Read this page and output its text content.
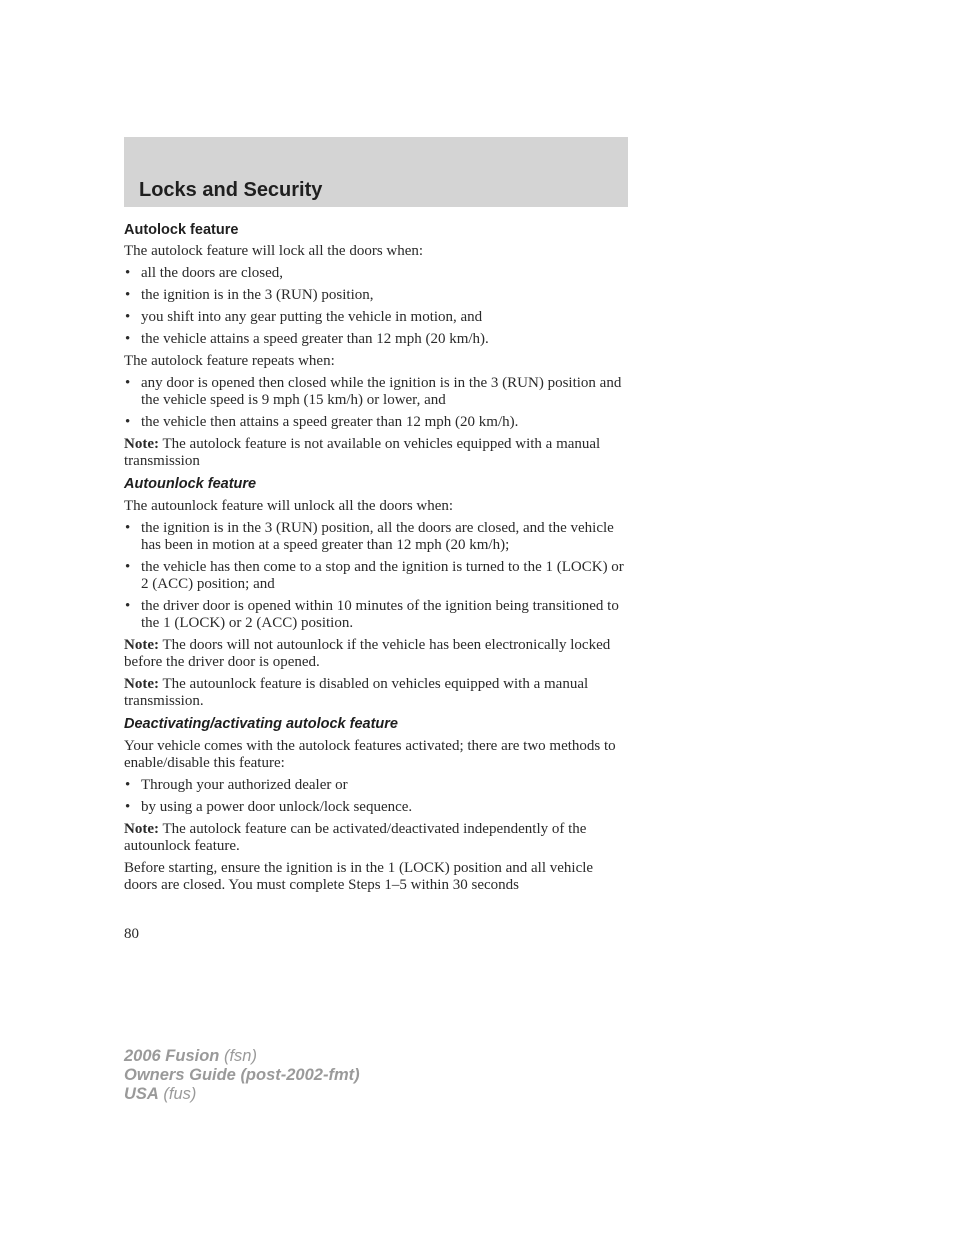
Locks and Security
Autolock feature
The autolock feature will lock all the doors when:
• all the doors are closed,
• the ignition is in the 3 (RUN) position,
• you shift into any gear putting the vehicle in motion, and
• the vehicle attains a speed greater than 12 mph (20 km/h).
The autolock feature repeats when:
• any door is opened then closed while the ignition is in the 3 (RUN) position and the vehicle speed is 9 mph (15 km/h) or lower, and
• the vehicle then attains a speed greater than 12 mph (20 km/h).
Note: The autolock feature is not available on vehicles equipped with a manual transmission
Autounlock feature
The autounlock feature will unlock all the doors when:
• the ignition is in the 3 (RUN) position, all the doors are closed, and the vehicle has been in motion at a speed greater than 12 mph (20 km/h);
• the vehicle has then come to a stop and the ignition is turned to the 1 (LOCK) or 2 (ACC) position; and
• the driver door is opened within 10 minutes of the ignition being transitioned to the 1 (LOCK) or 2 (ACC) position.
Note: The doors will not autounlock if the vehicle has been electronically locked before the driver door is opened.
Note: The autounlock feature is disabled on vehicles equipped with a manual transmission.
Deactivating/activating autolock feature
Your vehicle comes with the autolock features activated; there are two methods to enable/disable this feature:
• Through your authorized dealer or
• by using a power door unlock/lock sequence.
Note: The autolock feature can be activated/deactivated independently of the autounlock feature.
Before starting, ensure the ignition is in the 1 (LOCK) position and all vehicle doors are closed. You must complete Steps 1–5 within 30 seconds
80
2006 Fusion (fsn)
Owners Guide (post-2002-fmt)
USA (fus)
